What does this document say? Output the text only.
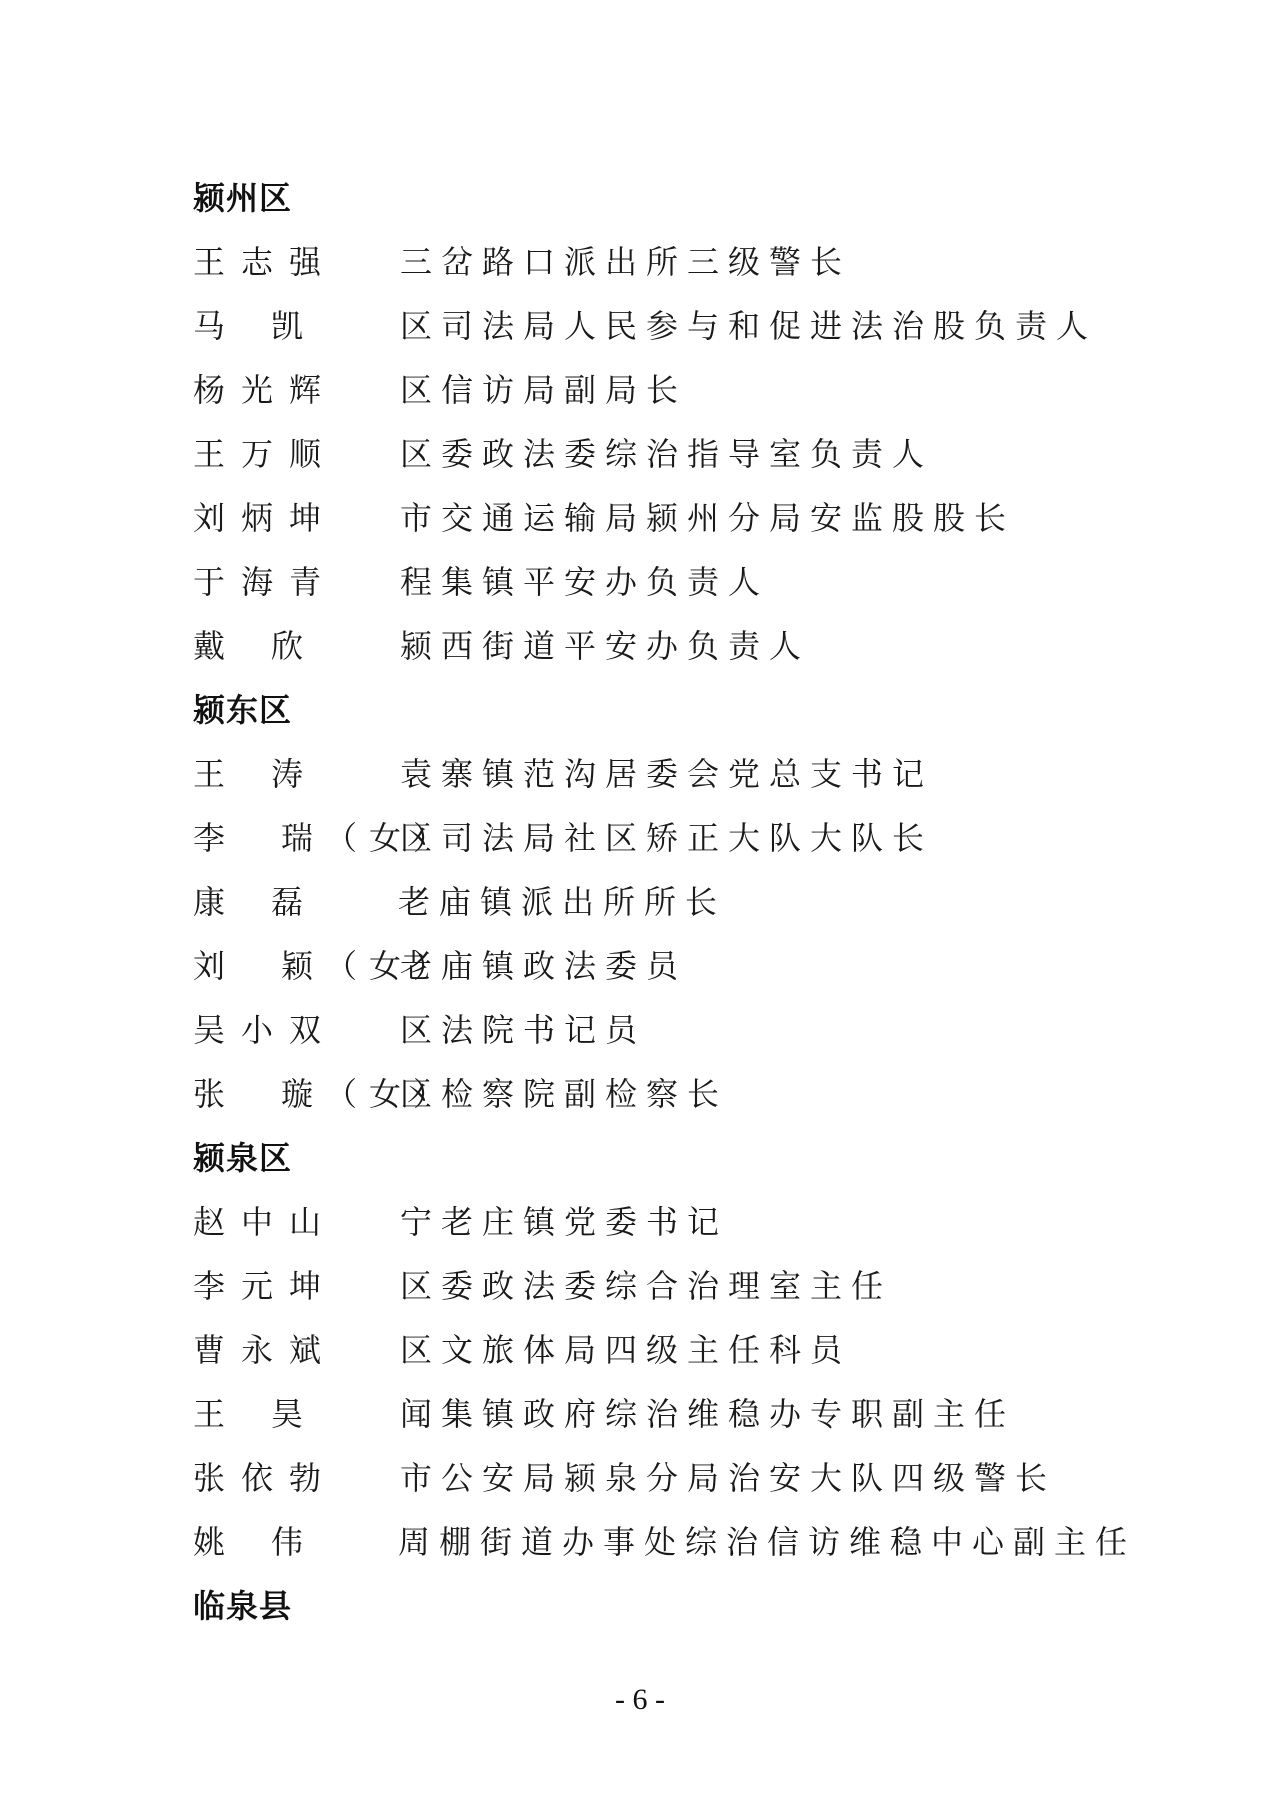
颍州区
王志强 三岔路口派出所三级警长
马凯 区司法局人民参与和促进法治股负责人
杨光辉 区信访局副局长
王万顺 区委政法委综治指导室负责人
刘炳坤 市交通运输局颍州分局安监股股长
于海青 程集镇平安办负责人
戴欣 颍西街道平安办负责人
颍东区
王涛 袁寨镇范沟居委会党总支书记
李　瑞（女）
区司法局社区矫正大队大队长
康磊 老庙镇派出所所长
刘　颖（女）
老庙镇政法委员
吴小双 区法院书记员
张　璇（女）
区检察院副检察长
颍泉区
赵中山 宁老庄镇党委书记
李元坤 区委政法委综合治理室主任
曹永斌 区文旅体局四级主任科员
王昊 闻集镇政府综治维稳办专职副主任
张依勃 市公安局颍泉分局治安大队四级警长
姚伟 周棚街道办事处综治信访维稳中心副主任
临泉县
- 6 -
